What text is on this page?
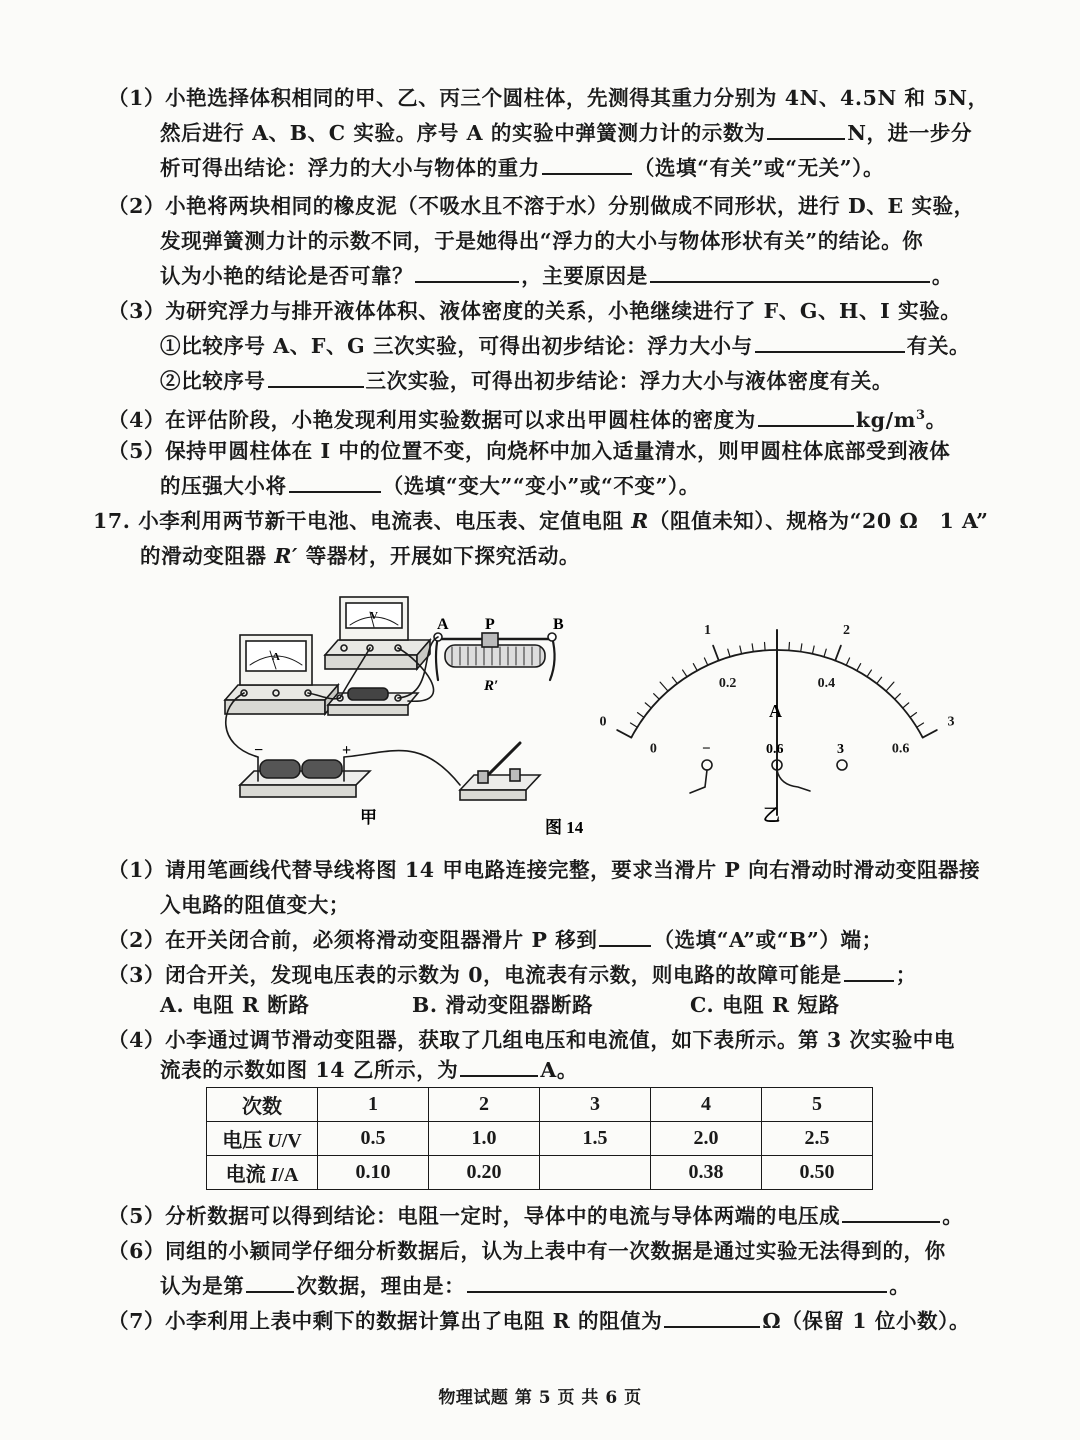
（1）小艳选择体积相同的甲、乙、丙三个圆柱体，先测得其重力分别为 4N、4.5N 和 5N，
然后进行 A、B、C 实验。序号 A 的实验中弹簧测力计的示数为	N，进一步分
析可得出结论：浮力的大小与物体的重力	（选填“有关”或“无关”）。
（2）小艳将两块相同的橡皮泥（不吸水且不溶于水）分别做成不同形状，进行 D、E 实验，
发现弹簧测力计的示数不同，于是她得出“浮力的大小与物体形状有关”的结论。你
认为小艳的结论是否可靠？	，主要原因是	。
（3）为研究浮力与排开液体体积、液体密度的关系，小艳继续进行了 F、G、H、I 实验。
①比较序号 A、F、G 三次实验，可得出初步结论：浮力大小与	有关。
②比较序号	三次实验，可得出初步结论：浮力大小与液体密度有关。
（4）在评估阶段，小艳发现利用实验数据可以求出甲圆柱体的密度为	$kg/m^3$。
（5）保持甲圆柱体在 I 中的位置不变，向烧杯中加入适量清水，则甲圆柱体底部受到液体
的压强大小将	（选填“变大”“变小”或“不变”）。
17. 小李利用两节新干电池、电流表、电压表、定值电阻 R（阻值未知）、规格为“20 Ω　1 A”
的滑动变阻器 R′ 等器材，开展如下探究活动。
0
1	2
3
0
0.2	0.4
0.6
A P	B
R′
V
A
−	+
A
−	0.6	3
甲
图 14
乙
（1）请用笔画线代替导线将图 14 甲电路连接完整，要求当滑片 P 向右滑动时滑动变阻器接
入电路的阻值变大；
（2）在开关闭合前，必须将滑动变阻器滑片 P 移到	（选填“A”或“B”）端；
（3）闭合开关，发现电压表的示数为 0，电流表有示数，则电路的故障可能是	；
A. 电阻 R 断路	B. 滑动变阻器断路	C. 电阻 R 短路
（4）小李通过调节滑动变阻器，获取了几组电压和电流值，如下表所示。第 3 次实验中电
流表的示数如图 14 乙所示，为	A。
次数	1	2	3	4	5
电压 U/V	0.5	1.0	1.5	2.0	2.5
电流 I/A	0.10	0.20		0.38	0.50
（5）分析数据可以得到结论：电阻一定时，导体中的电流与导体两端的电压成	。
（6）同组的小颖同学仔细分析数据后，认为上表中有一次数据是通过实验无法得到的，你
认为是第	次数据，理由是：	。
（7）小李利用上表中剩下的数据计算出了电阻 R 的阻值为	Ω（保留 1 位小数）。
物理试题 第 5 页 共 6 页
